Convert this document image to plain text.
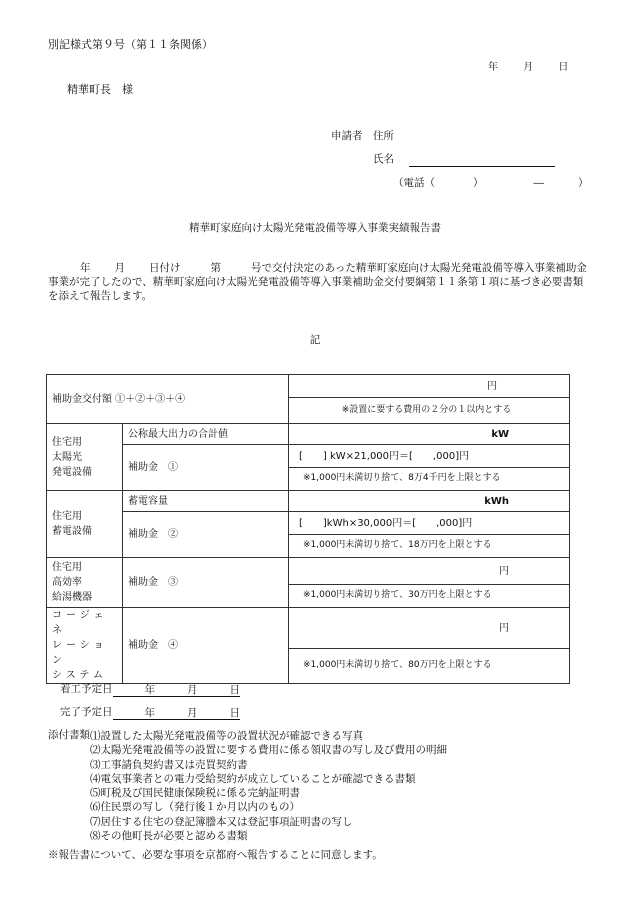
別記様式第９号（第１１条関係）
年	月	日
精華町長　様
申請者　住所
氏名
（電話（	）	―	）
精華町家庭向け太陽光発電設備等導入事業実績報告書
年 月 日付け	第	号で交付決定のあった精華町家庭向け太陽光発電設備等導入事業補助金事業が完了したので、精華町家庭向け太陽光発電設備等導入事業補助金交付要綱第１１条第１項に基づき必要書類を添えて報告します。
記
補助金交付額 ①＋②＋③＋④		円
		※設置に要する費用の２分の１以内とする

住宅用
太陽光
発電設備	公称最大出力の合計値	kW
	補助金　①	[　　] kW×21,000円＝[　　,000]円
		※1,000円未満切り捨て、8万4千円を上限とする

住宅用
蓄電設備	蓄電容量	kWh
	補助金　②	[　　]kWh×30,000円＝[　　,000]円
		※1,000円未満切り捨て、18万円を上限とする

住宅用
高効率
給湯機器	補助金　③	円
		※1,000円未満切り捨て、30万円を上限とする

コージェネ
レーション
システム	補助金　④	円
		※1,000円未満切り捨て、80万円を上限とする
着工予定日	年	月	日
完了予定日	年	月	日
添付書類 ⑴設置した太陽光発電設備等の設置状況が確認できる写真
⑵太陽光発電設備等の設置に要する費用に係る領収書の写し及び費用の明細
⑶工事請負契約書又は売買契約書
⑷電気事業者との電力受給契約が成立していることが確認できる書類
⑸町税及び国民健康保険税に係る完納証明書
⑹住民票の写し（発行後１か月以内のもの）
⑺居住する住宅の登記簿謄本又は登記事項証明書の写し
⑻その他町長が必要と認める書類
※報告書について、必要な事項を京都府へ報告することに同意します。
